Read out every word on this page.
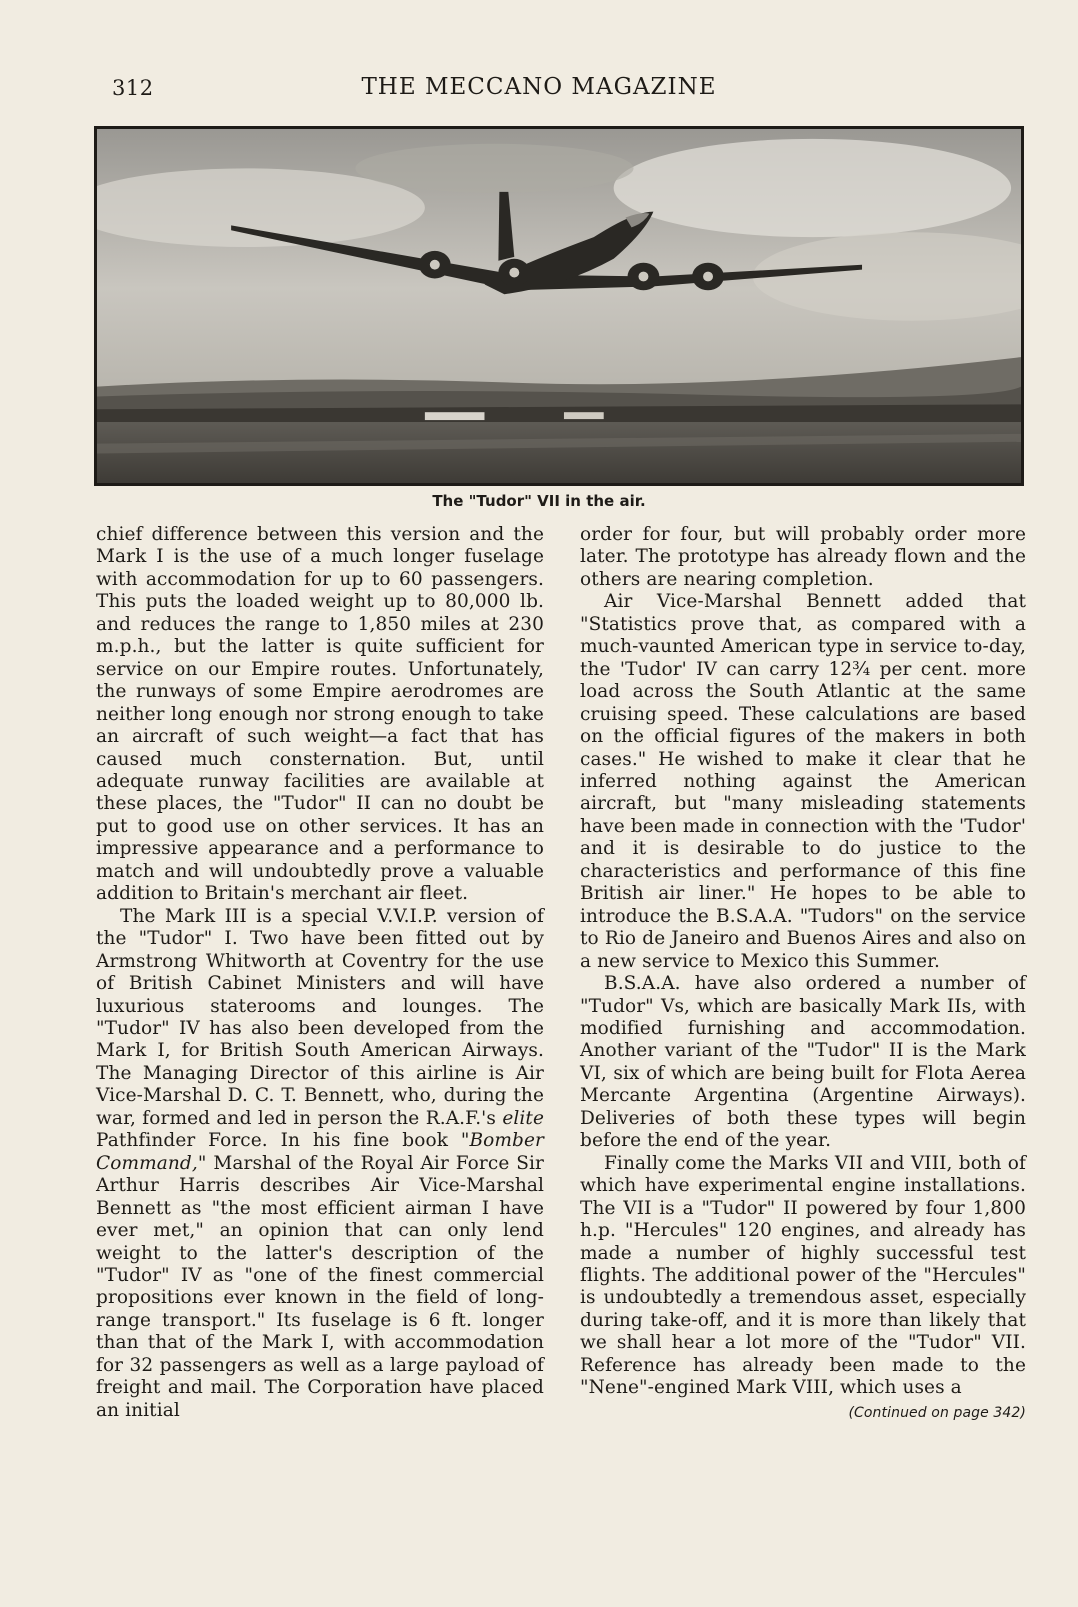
312	THE MECCANO MAGAZINE
The "Tudor" VII in the air.

chief difference between this version and the Mark I is the use of a much longer fuselage with accommodation for up to 60 passengers. This puts the loaded weight up to 80,000 lb. and reduces the range to 1,850 miles at 230 m.p.h., but the latter is quite sufficient for service on our Empire routes. Unfortunately, the runways of some Empire aerodromes are neither long enough nor strong enough to take an aircraft of such weight—a fact that has caused much consternation. But, until adequate runway facilities are available at these places, the "Tudor" II can no doubt be put to good use on other services. It has an impressive appearance and a performance to match and will undoubtedly prove a valuable addition to Britain's merchant air fleet.

The Mark III is a special V.V.I.P. version of the "Tudor" I. Two have been fitted out by Armstrong Whitworth at Coventry for the use of British Cabinet Ministers and will have luxurious staterooms and lounges. The "Tudor" IV has also been developed from the Mark I, for British South American Airways. The Managing Director of this airline is Air Vice-Marshal D. C. T. Bennett, who, during the war, formed and led in person the R.A.F.'s elite Pathfinder Force. In his fine book "Bomber Command," Marshal of the Royal Air Force Sir Arthur Harris describes Air Vice-Marshal Bennett as "the most efficient airman I have ever met," an opinion that can only lend weight to the latter's description of the "Tudor" IV as "one of the finest commercial propositions ever known in the field of long-range transport." Its fuselage is 6 ft. longer than that of the Mark I, with accommodation for 32 passengers as well as a large payload of freight and mail. The Corporation have placed an initial

order for four, but will probably order more later. The prototype has already flown and the others are nearing completion.

Air Vice-Marshal Bennett added that "Statistics prove that, as compared with a much-vaunted American type in service to-day, the 'Tudor' IV can carry 12¾ per cent. more load across the South Atlantic at the same cruising speed. These calculations are based on the official figures of the makers in both cases." He wished to make it clear that he inferred nothing against the American aircraft, but "many misleading statements have been made in connection with the 'Tudor' and it is desirable to do justice to the characteristics and performance of this fine British air liner." He hopes to be able to introduce the B.S.A.A. "Tudors" on the service to Rio de Janeiro and Buenos Aires and also on a new service to Mexico this Summer.

B.S.A.A. have also ordered a number of "Tudor" Vs, which are basically Mark IIs, with modified furnishing and accommodation. Another variant of the "Tudor" II is the Mark VI, six of which are being built for Flota Aerea Mercante Argentina (Argentine Airways). Deliveries of both these types will begin before the end of the year.

Finally come the Marks VII and VIII, both of which have experimental engine installations. The VII is a "Tudor" II powered by four 1,800 h.p. "Hercules" 120 engines, and already has made a number of highly successful test flights. The additional power of the "Hercules" is undoubtedly a tremendous asset, especially during take-off, and it is more than likely that we shall hear a lot more of the "Tudor" VII. Reference has already been made to the "Nene"-engined Mark VIII, which uses a
(Continued on page 342)
